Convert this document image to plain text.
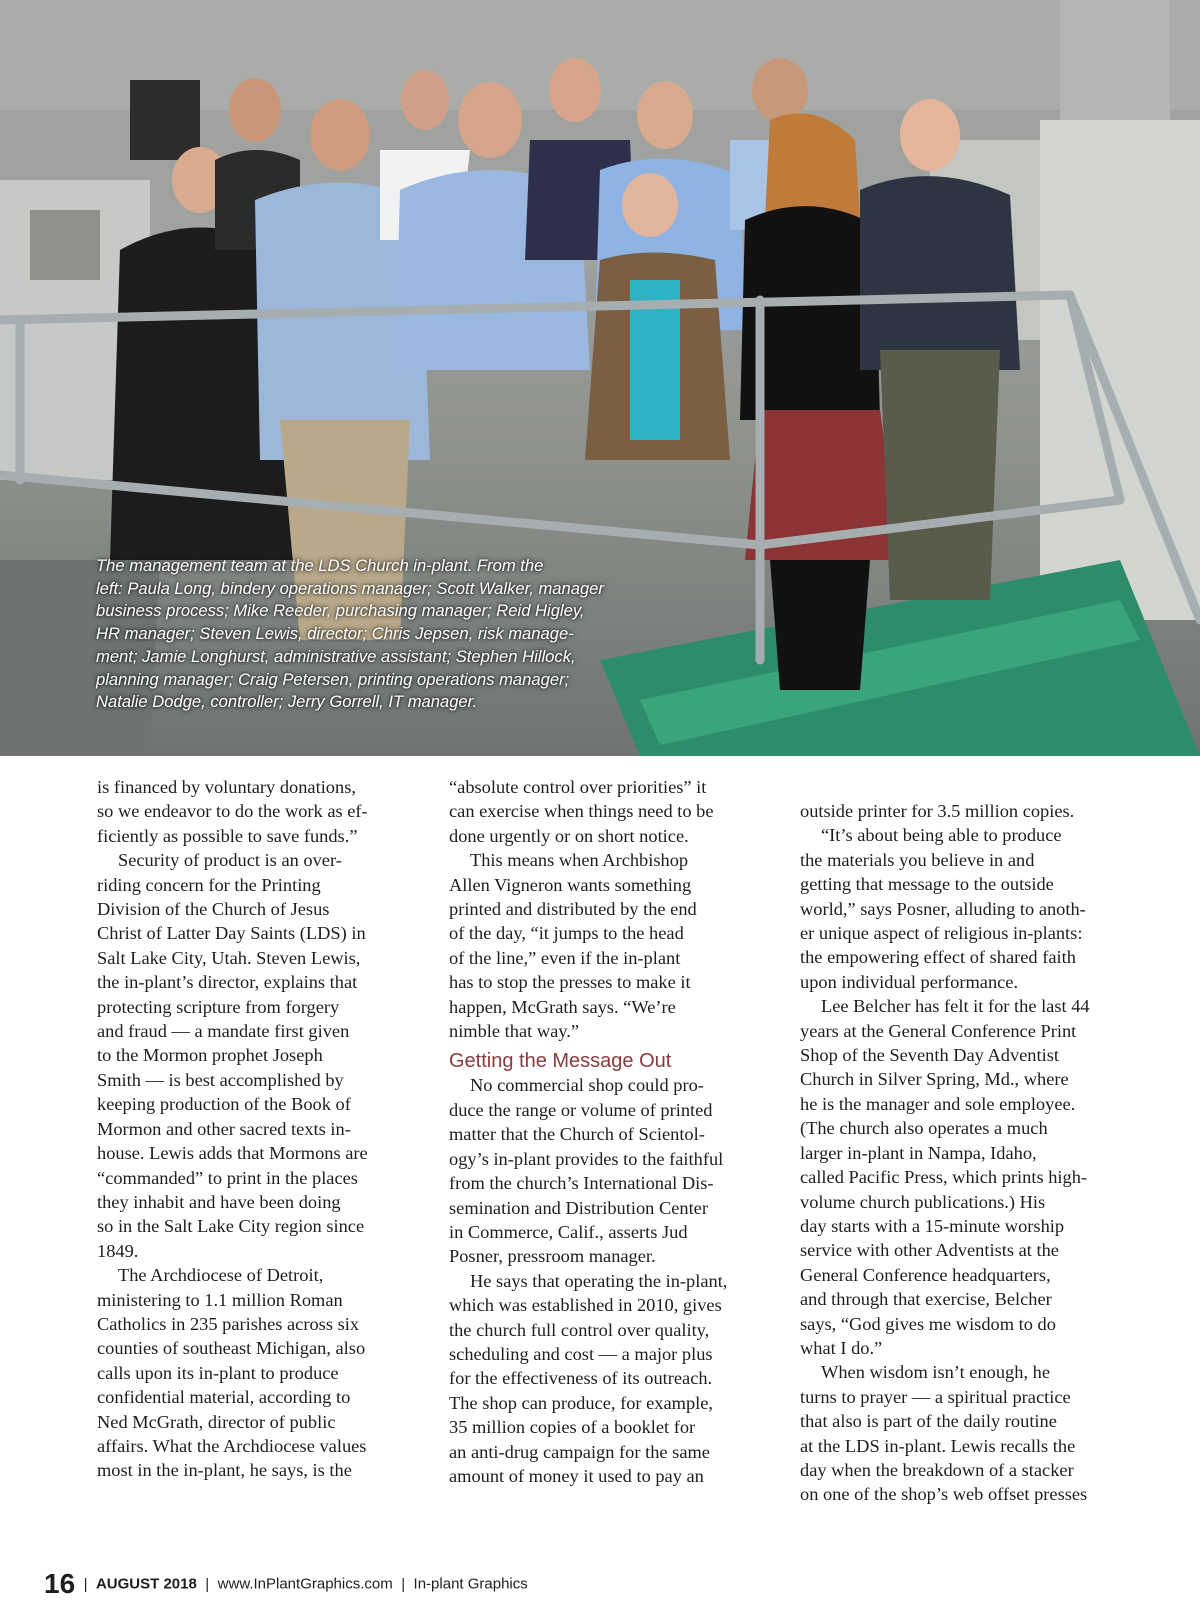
The management team at the LDS Church in-plant. From the
left: Paula Long, bindery operations manager; Scott Walker, manager
business process; Mike Reeder, purchasing manager; Reid Higley,
HR manager; Steven Lewis, director; Chris Jepsen, risk manage-
ment; Jamie Longhurst, administrative assistant; Stephen Hillock,
planning manager; Craig Petersen, printing operations manager;
Natalie Dodge, controller; Jerry Gorrell, IT manager.
is financed by voluntary donations,
so we endeavor to do the work as ef-
ficiently as possible to save funds.”
Security of product is an over-
riding concern for the Printing
Division of the Church of Jesus
Christ of Latter Day Saints (LDS) in
Salt Lake City, Utah. Steven Lewis,
the in-plant’s director, explains that
protecting scripture from forgery
and fraud — a mandate first given
to the Mormon prophet Joseph
Smith — is best accomplished by
keeping production of the Book of
Mormon and other sacred texts in-
house. Lewis adds that Mormons are
“commanded” to print in the places
they inhabit and have been doing
so in the Salt Lake City region since
1849.
The Archdiocese of Detroit,
ministering to 1.1 million Roman
Catholics in 235 parishes across six
counties of southeast Michigan, also
calls upon its in-plant to produce
confidential material, according to
Ned McGrath, director of public
affairs. What the Archdiocese values
most in the in-plant, he says, is the
“absolute control over priorities” it
can exercise when things need to be
done urgently or on short notice.
This means when Archbishop
Allen Vigneron wants something
printed and distributed by the end
of the day, “it jumps to the head
of the line,” even if the in-plant
has to stop the presses to make it
happen, McGrath says. “We’re
nimble that way.”
Getting the Message Out
No commercial shop could pro-
duce the range or volume of printed
matter that the Church of Scientol-
ogy’s in-plant provides to the faithful
from the church’s International Dis-
semination and Distribution Center
in Commerce, Calif., asserts Jud
Posner, pressroom manager.
He says that operating the in-plant,
which was established in 2010, gives
the church full control over quality,
scheduling and cost — a major plus
for the effectiveness of its outreach.
The shop can produce, for example,
35 million copies of a booklet for
an anti-drug campaign for the same
amount of money it used to pay an
outside printer for 3.5 million copies.
“It’s about being able to produce
the materials you believe in and
getting that message to the outside
world,” says Posner, alluding to anoth-
er unique aspect of religious in-plants:
the empowering effect of shared faith
upon individual performance.
Lee Belcher has felt it for the last 44
years at the General Conference Print
Shop of the Seventh Day Adventist
Church in Silver Spring, Md., where
he is the manager and sole employee.
(The church also operates a much
larger in-plant in Nampa, Idaho,
called Pacific Press, which prints high-
volume church publications.) His
day starts with a 15-minute worship
service with other Adventists at the
General Conference headquarters,
and through that exercise, Belcher
says, “God gives me wisdom to do
what I do.”
When wisdom isn’t enough, he
turns to prayer — a spiritual practice
that also is part of the daily routine
at the LDS in-plant. Lewis recalls the
day when the breakdown of a stacker
on one of the shop’s web offset presses
16 | AUGUST 2018 | www.InPlantGraphics.com | In-plant Graphics
